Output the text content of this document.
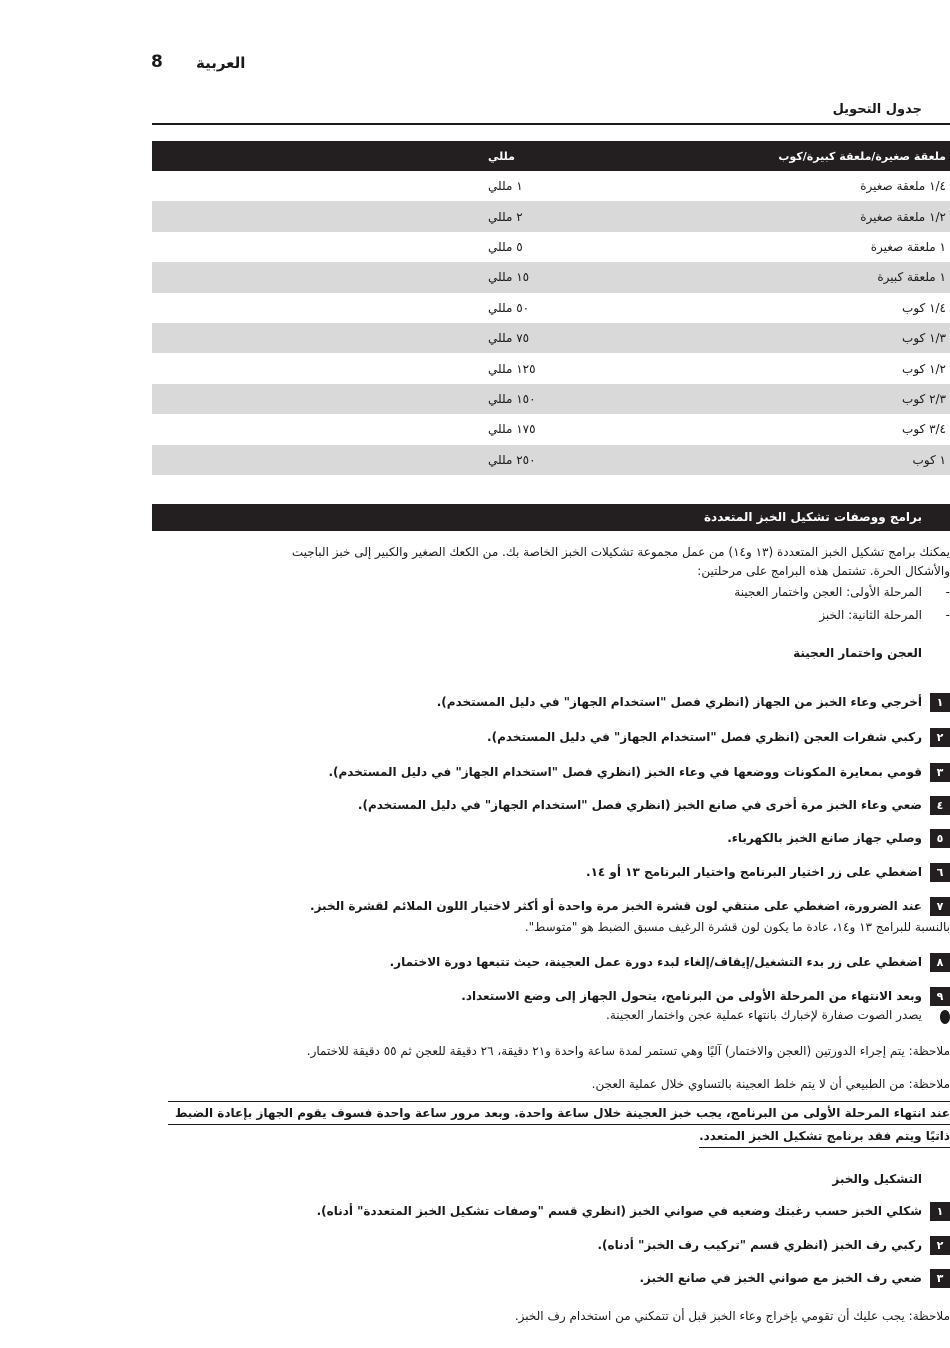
8 العربية
جدول التحويل
ملعقة صغيرة/ملعقة كبيرة/كوب
مللي
١/٤ ملعقة صغيرة
١ مللي
١/٢ ملعقة صغيرة
٢ مللي
١ ملعقة صغيرة
٥ مللي
١ ملعقة كبيرة
١٥ مللي
١/٤ كوب
٥٠ مللي
١/٣ كوب
٧٥ مللي
١/٢ كوب
١٢٥ مللي
٢/٣ كوب
١٥٠ مللي
٣/٤ كوب
١٧٥ مللي
١ كوب
٢٥٠ مللي
برامج ووصفات تشكيل الخبز المتعددة
يمكنك برامج تشكيل الخبز المتعددة (١٣ و١٤) من عمل مجموعة تشكيلات الخبز الخاصة بك. من الكعك الصغير والكبير إلى خبز الباجيت
والأشكال الحرة. تشتمل هذه البرامج على مرحلتين:
-
المرحلة الأولى: العجن واختمار العجينة
-
المرحلة الثانية: الخبز
العجن واختمار العجينة
١
أخرجي وعاء الخبز من الجهاز (انظري فصل "استخدام الجهاز" في دليل المستخدم).
٢
ركبي شفرات العجن (انظري فصل "استخدام الجهاز" في دليل المستخدم).
٣
قومي بمعايرة المكونات ووضعها في وعاء الخبز (انظري فصل "استخدام الجهاز" في دليل المستخدم).
٤
ضعي وعاء الخبز مرة أخرى في صانع الخبز (انظري فصل "استخدام الجهاز" في دليل المستخدم).
٥
وصلي جهاز صانع الخبز بالكهرباء.
٦
اضغطي على زر اختيار البرنامج واختيار البرنامج ١٣ أو ١٤.
٧
عند الضرورة، اضغطي على منتقي لون قشرة الخبز مرة واحدة أو أكثر لاختيار اللون الملائم لقشرة الخبز.
بالنسبة للبرامج ١٣ و١٤، عادة ما يكون لون قشرة الرغيف مسبق الضبط هو "متوسط".
٨
اضغطي على زر بدء التشغيل/إيقاف/إلغاء لبدء دورة عمل العجينة، حيث تتبعها دورة الاختمار.
٩
وبعد الانتهاء من المرحلة الأولى من البرنامج، يتحول الجهاز إلى وضع الاستعداد.
يصدر الصوت صفارة لإخبارك بانتهاء عملية عجن واختمار العجينة.
ملاحظة: يتم إجراء الدورتين (العجن والاختمار) آليًا وهي تستمر لمدة ساعة واحدة و٢١ دقيقة، ٢٦ دقيقة للعجن ثم ٥٥ دقيقة للاختمار.
ملاحظة: من الطبيعي أن لا يتم خلط العجينة بالتساوي خلال عملية العجن.
عند انتهاء المرحلة الأولى من البرنامج، يجب خبز العجينة خلال ساعة واحدة. وبعد مرور ساعة واحدة فسوف يقوم الجهاز بإعادة الضبط
ذاتيًا ويتم فقد برنامج تشكيل الخبز المتعدد.
التشكيل والخبز
١
شكلي الخبز حسب رغبتك وضعيه في صواني الخبز (انظري قسم "وصفات تشكيل الخبز المتعددة" أدناه).
٢
ركبي رف الخبز (انظري قسم "تركيب رف الخبز" أدناه).
٣
ضعي رف الخبز مع صواني الخبز في صانع الخبز.
ملاحظة: يجب عليك أن تقومي بإخراج وعاء الخبز قبل أن تتمكني من استخدام رف الخبز.
